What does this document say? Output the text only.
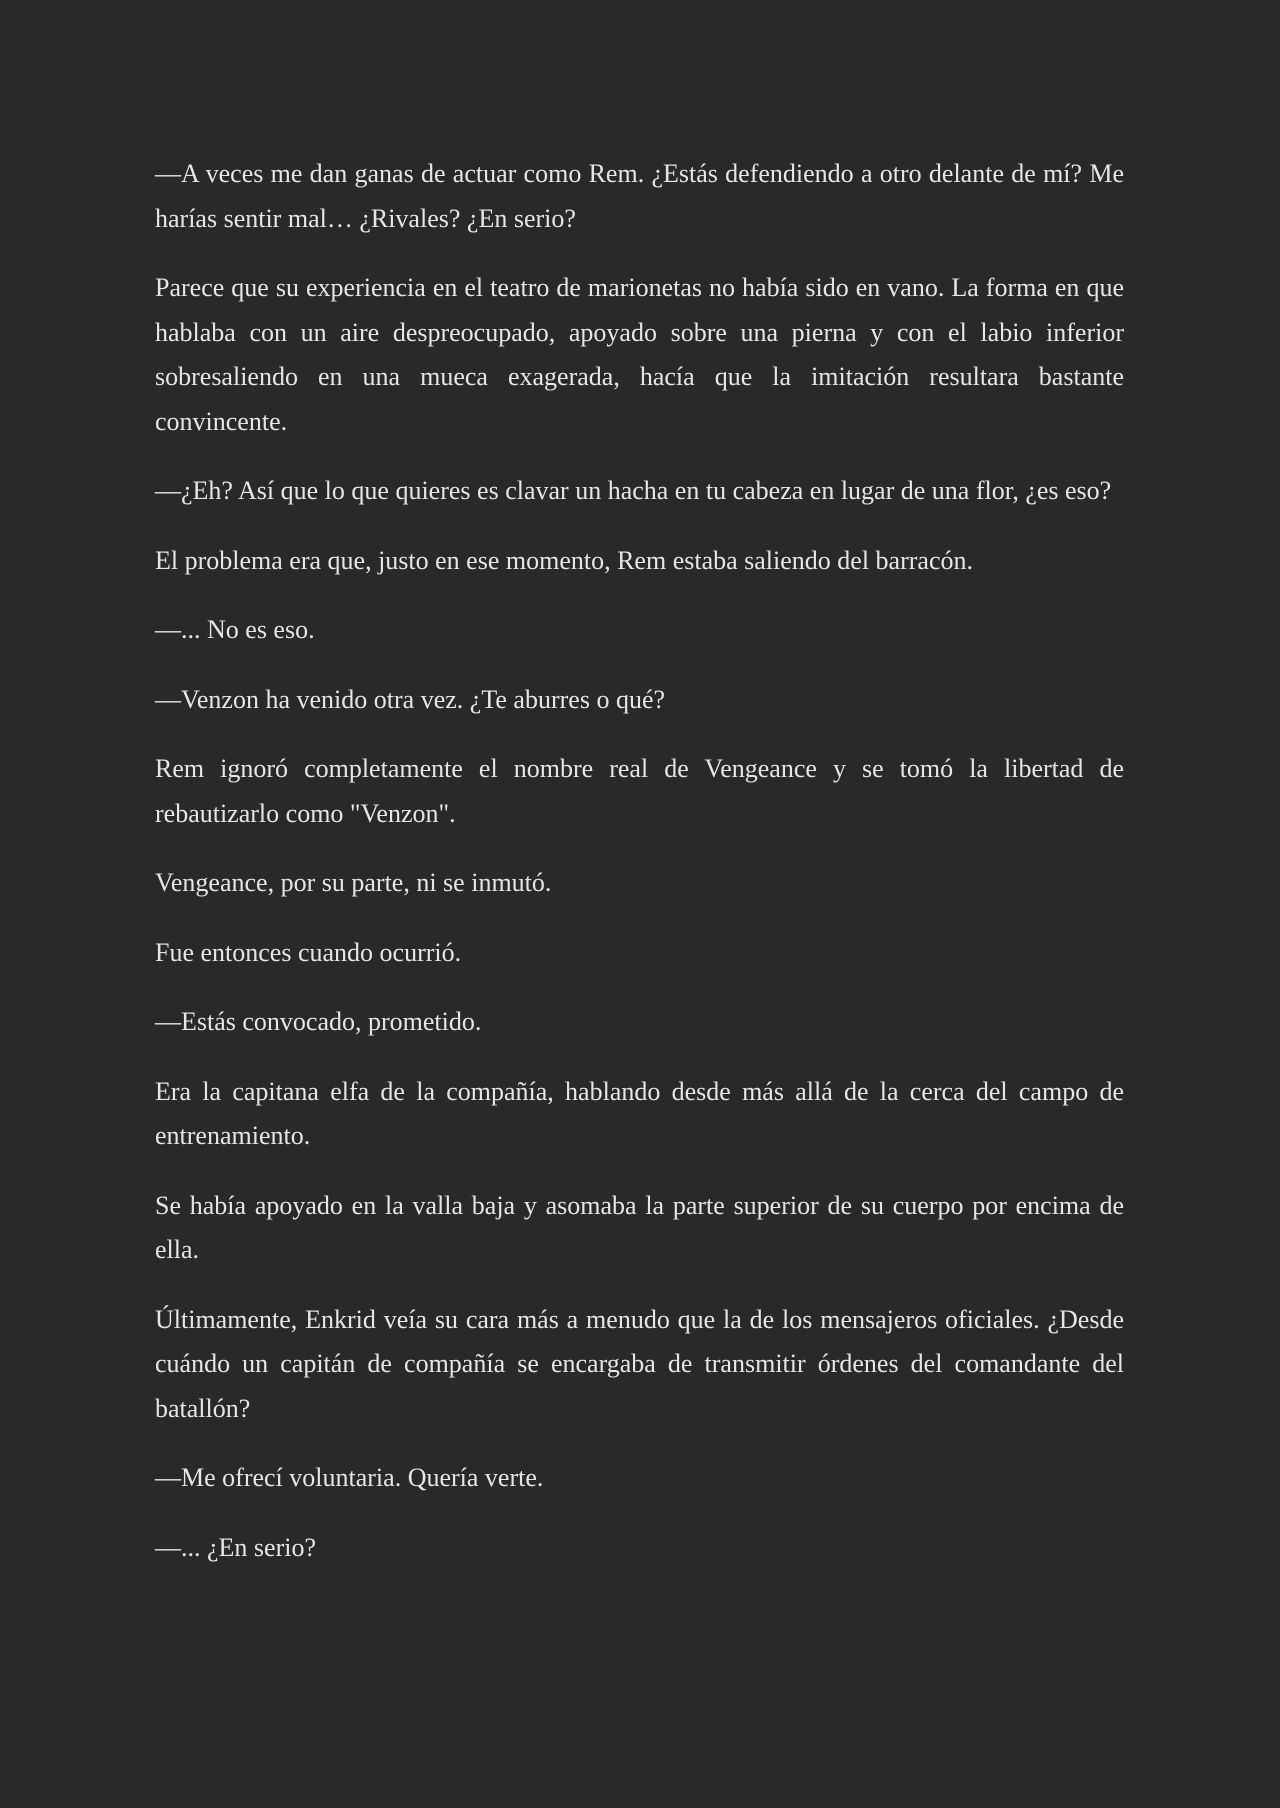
—A veces me dan ganas de actuar como Rem. ¿Estás defendiendo a otro delante de mí? Me harías sentir mal… ¿Rivales? ¿En serio?

Parece que su experiencia en el teatro de marionetas no había sido en vano. La forma en que hablaba con un aire despreocupado, apoyado sobre una pierna y con el labio inferior sobresaliendo en una mueca exagerada, hacía que la imitación resultara bastante convincente.

—¿Eh? Así que lo que quieres es clavar un hacha en tu cabeza en lugar de una flor, ¿es eso?

El problema era que, justo en ese momento, Rem estaba saliendo del barracón.

—... No es eso.

—Venzon ha venido otra vez. ¿Te aburres o qué?

Rem ignoró completamente el nombre real de Vengeance y se tomó la libertad de rebautizarlo como "Venzon".

Vengeance, por su parte, ni se inmutó.

Fue entonces cuando ocurrió.

—Estás convocado, prometido.

Era la capitana elfa de la compañía, hablando desde más allá de la cerca del campo de entrenamiento.

Se había apoyado en la valla baja y asomaba la parte superior de su cuerpo por encima de ella.

Últimamente, Enkrid veía su cara más a menudo que la de los mensajeros oficiales. ¿Desde cuándo un capitán de compañía se encargaba de transmitir órdenes del comandante del batallón?

—Me ofrecí voluntaria. Quería verte.

—... ¿En serio?
